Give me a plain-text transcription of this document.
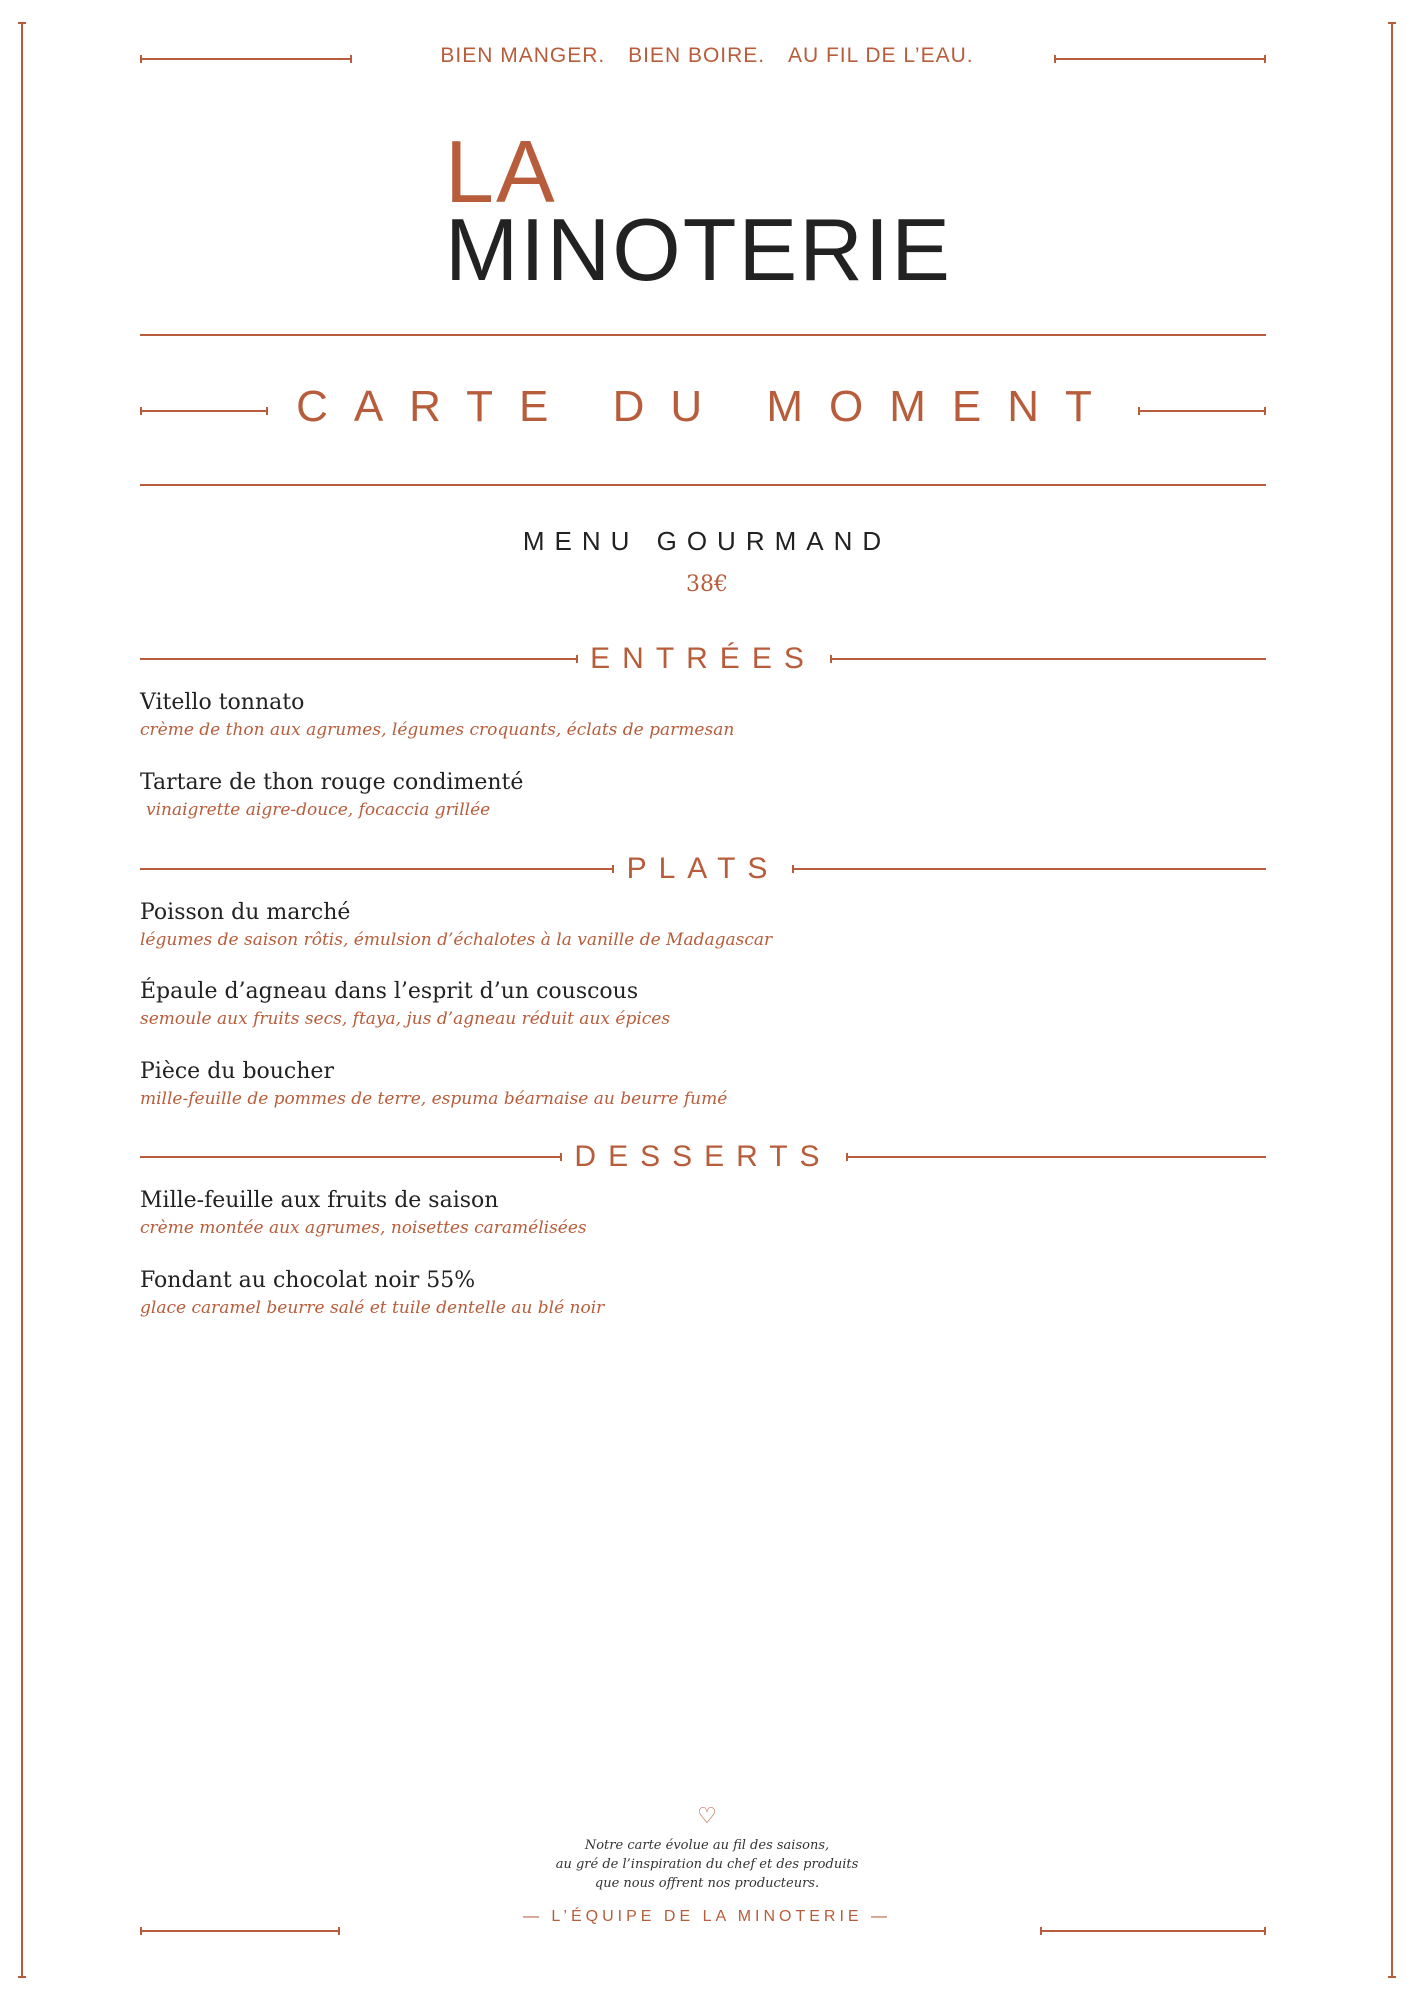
BIEN MANGER. BIEN BOIRE. AU FIL DE L’EAU.
LA
MINOTERIE
CARTE DU MOMENT
MENU GOURMAND
38€
ENTRÉES
Vitello tonnato
crème de thon aux agrumes, légumes croquants, éclats de parmesan
Tartare de thon rouge condimenté
vinaigrette aigre-douce, focaccia grillée
PLATS
Poisson du marché
légumes de saison rôtis, émulsion d’échalotes à la vanille de Madagascar
Épaule d’agneau dans l’esprit d’un couscous
semoule aux fruits secs, ftaya, jus d’agneau réduit aux épices
Pièce du boucher
mille-feuille de pommes de terre, espuma béarnaise au beurre fumé
DESSERTS
Mille-feuille aux fruits de saison
crème montée aux agrumes, noisettes caramélisées
Fondant au chocolat noir 55%
glace caramel beurre salé et tuile dentelle au blé noir
♡
Notre carte évolue au fil des saisons,
au gré de l’inspiration du chef et des produits
que nous offrent nos producteurs.
— L’ÉQUIPE DE LA MINOTERIE —
